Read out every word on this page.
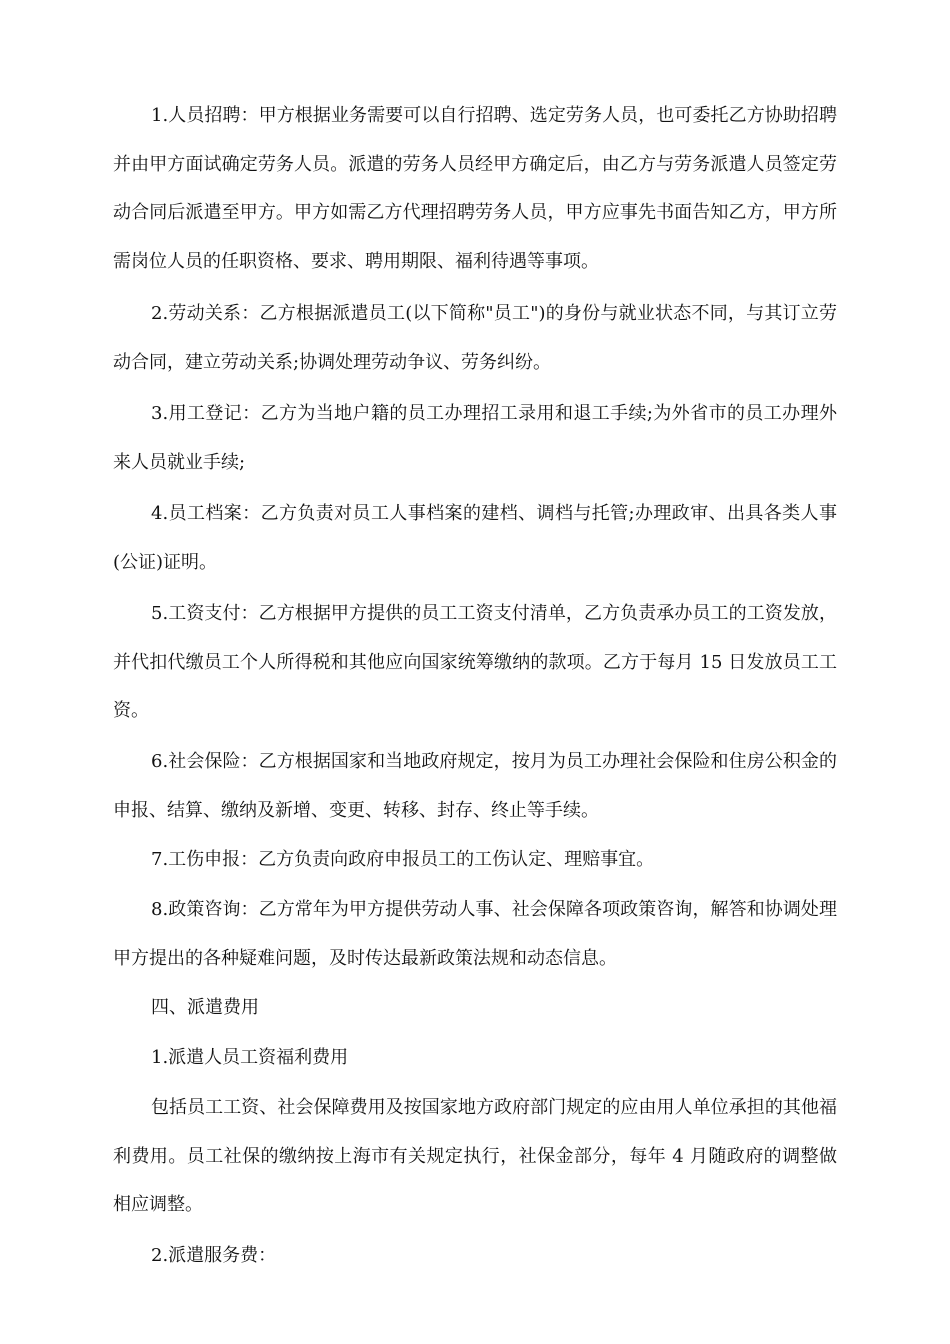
1.人员招聘：甲方根据业务需要可以自行招聘、选定劳务人员，也可委托乙方协助招聘并由甲方面试确定劳务人员。派遣的劳务人员经甲方确定后，由乙方与劳务派遣人员签定劳动合同后派遣至甲方。甲方如需乙方代理招聘劳务人员，甲方应事先书面告知乙方，甲方所需岗位人员的任职资格、要求、聘用期限、福利待遇等事项。

2.劳动关系：乙方根据派遣员工(以下简称"员工")的身份与就业状态不同，与其订立劳动合同，建立劳动关系;协调处理劳动争议、劳务纠纷。

3.用工登记：乙方为当地户籍的员工办理招工录用和退工手续;为外省市的员工办理外来人员就业手续;

4.员工档案：乙方负责对员工人事档案的建档、调档与托管;办理政审、出具各类人事(公证)证明。

5.工资支付：乙方根据甲方提供的员工工资支付清单，乙方负责承办员工的工资发放，并代扣代缴员工个人所得税和其他应向国家统筹缴纳的款项。乙方于每月 15 日发放员工工资。

6.社会保险：乙方根据国家和当地政府规定，按月为员工办理社会保险和住房公积金的申报、结算、缴纳及新增、变更、转移、封存、终止等手续。

7.工伤申报：乙方负责向政府申报员工的工伤认定、理赔事宜。

8.政策咨询：乙方常年为甲方提供劳动人事、社会保障各项政策咨询，解答和协调处理甲方提出的各种疑难问题，及时传达最新政策法规和动态信息。

四、派遣费用

1.派遣人员工资福利费用

包括员工工资、社会保障费用及按国家地方政府部门规定的应由用人单位承担的其他福利费用。员工社保的缴纳按上海市有关规定执行，社保金部分，每年 4 月随政府的调整做相应调整。

2.派遣服务费：
